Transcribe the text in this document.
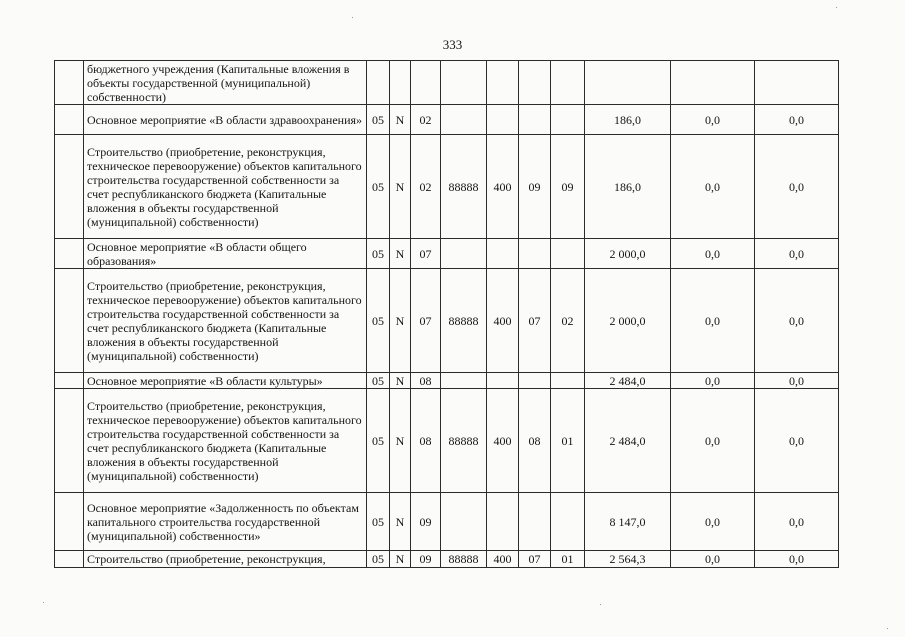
333
	бюджетного учреждения (Капитальные вложения в объекты государственной (муниципальной) собственности)										
	Основное мероприятие «В области здравоохранения»	05	N	02					186,0	0,0	0,0
	Строительство (приобретение, реконструкция, техническое перевооружение) объектов капитального строительства государственной собственности за счет республиканского бюджета (Капитальные вложения в объекты государственной (муниципальной) собственности)	05	N	02	88888	400	09	09	186,0	0,0	0,0
	Основное мероприятие «В области общего образования»	05	N	07					2 000,0	0,0	0,0
	Строительство (приобретение, реконструкция, техническое перевооружение) объектов капитального строительства государственной собственности за счет республиканского бюджета (Капитальные вложения в объекты государственной (муниципальной) собственности)	05	N	07	88888	400	07	02	2 000,0	0,0	0,0
	Основное мероприятие «В области культуры»	05	N	08					2 484,0	0,0	0,0
	Строительство (приобретение, реконструкция, техническое перевооружение) объектов капитального строительства государственной собственности за счет республиканского бюджета (Капитальные вложения в объекты государственной (муниципальной) собственности)	05	N	08	88888	400	08	01	2 484,0	0,0	0,0
	Основное мероприятие «Задолженность по объектам капитального строительства государственной (муниципальной) собственности»	05	N	09					8 147,0	0,0	0,0
	Строительство (приобретение, реконструкция,	05	N	09	88888	400	07	01	2 564,3	0,0	0,0
